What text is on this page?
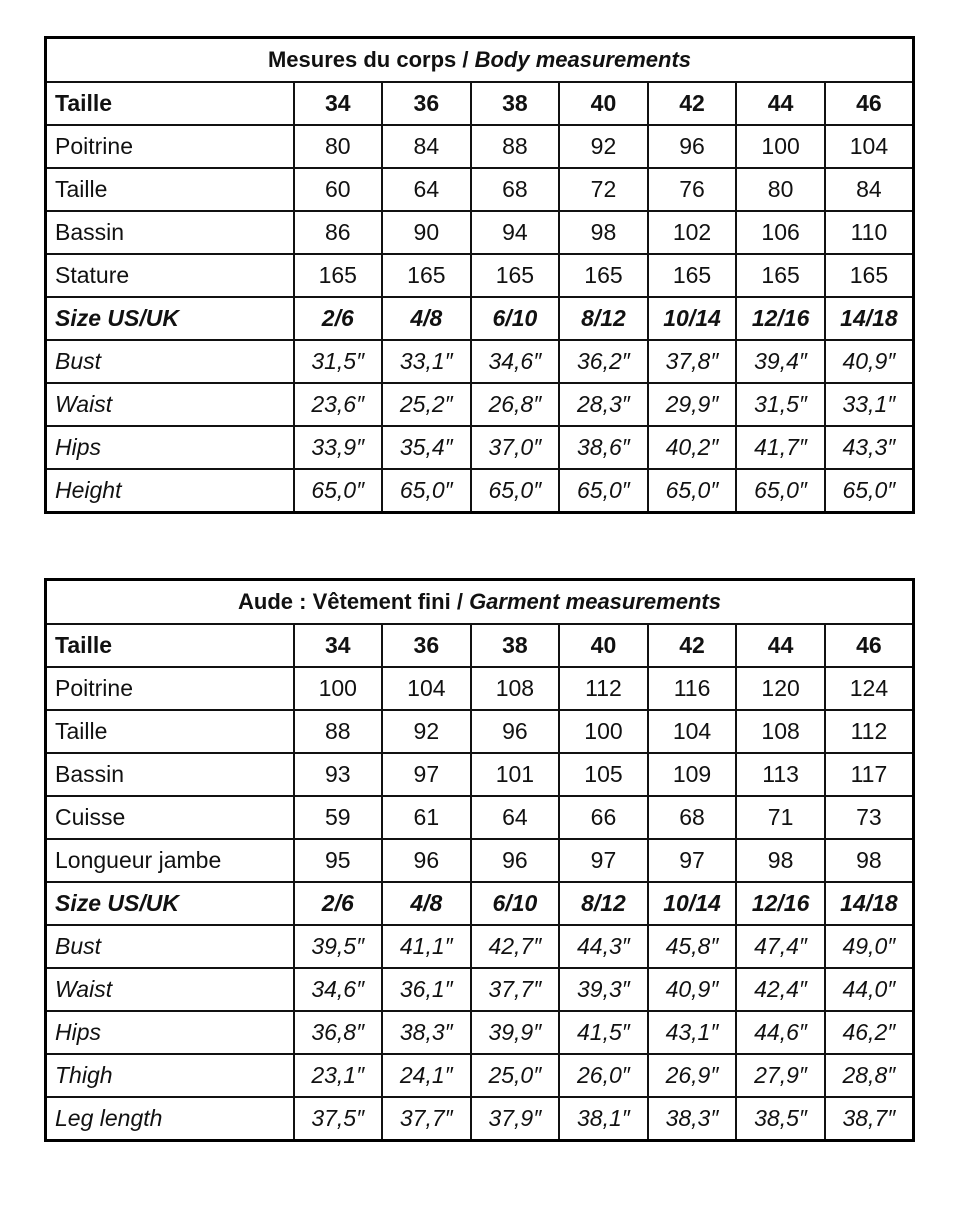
Mesures du corps / Body measurements							
Taille	34	36	38	40	42	44	46
Poitrine	80	84	88	92	96	100	104
Taille	60	64	68	72	76	80	84
Bassin	86	90	94	98	102	106	110
Stature	165	165	165	165	165	165	165
Size US/UK	2/6	4/8	6/10	8/12	10/14	12/16	14/18
Bust	31,5″	33,1″	34,6″	36,2″	37,8″	39,4″	40,9″
Waist	23,6″	25,2″	26,8″	28,3″	29,9″	31,5″	33,1″
Hips	33,9″	35,4″	37,0″	38,6″	40,2″	41,7″	43,3″
Height	65,0″	65,0″	65,0″	65,0″	65,0″	65,0″	65,0″
Aude : Vêtement fini / Garment measurements							
Taille	34	36	38	40	42	44	46
Poitrine	100	104	108	112	116	120	124
Taille	88	92	96	100	104	108	112
Bassin	93	97	101	105	109	113	117
Cuisse	59	61	64	66	68	71	73
Longueur jambe	95	96	96	97	97	98	98
Size US/UK	2/6	4/8	6/10	8/12	10/14	12/16	14/18
Bust	39,5″	41,1″	42,7″	44,3″	45,8″	47,4″	49,0″
Waist	34,6″	36,1″	37,7″	39,3″	40,9″	42,4″	44,0″
Hips	36,8″	38,3″	39,9″	41,5″	43,1″	44,6″	46,2″
Thigh	23,1″	24,1″	25,0″	26,0″	26,9″	27,9″	28,8″
Leg length	37,5″	37,7″	37,9″	38,1″	38,3″	38,5″	38,7″
